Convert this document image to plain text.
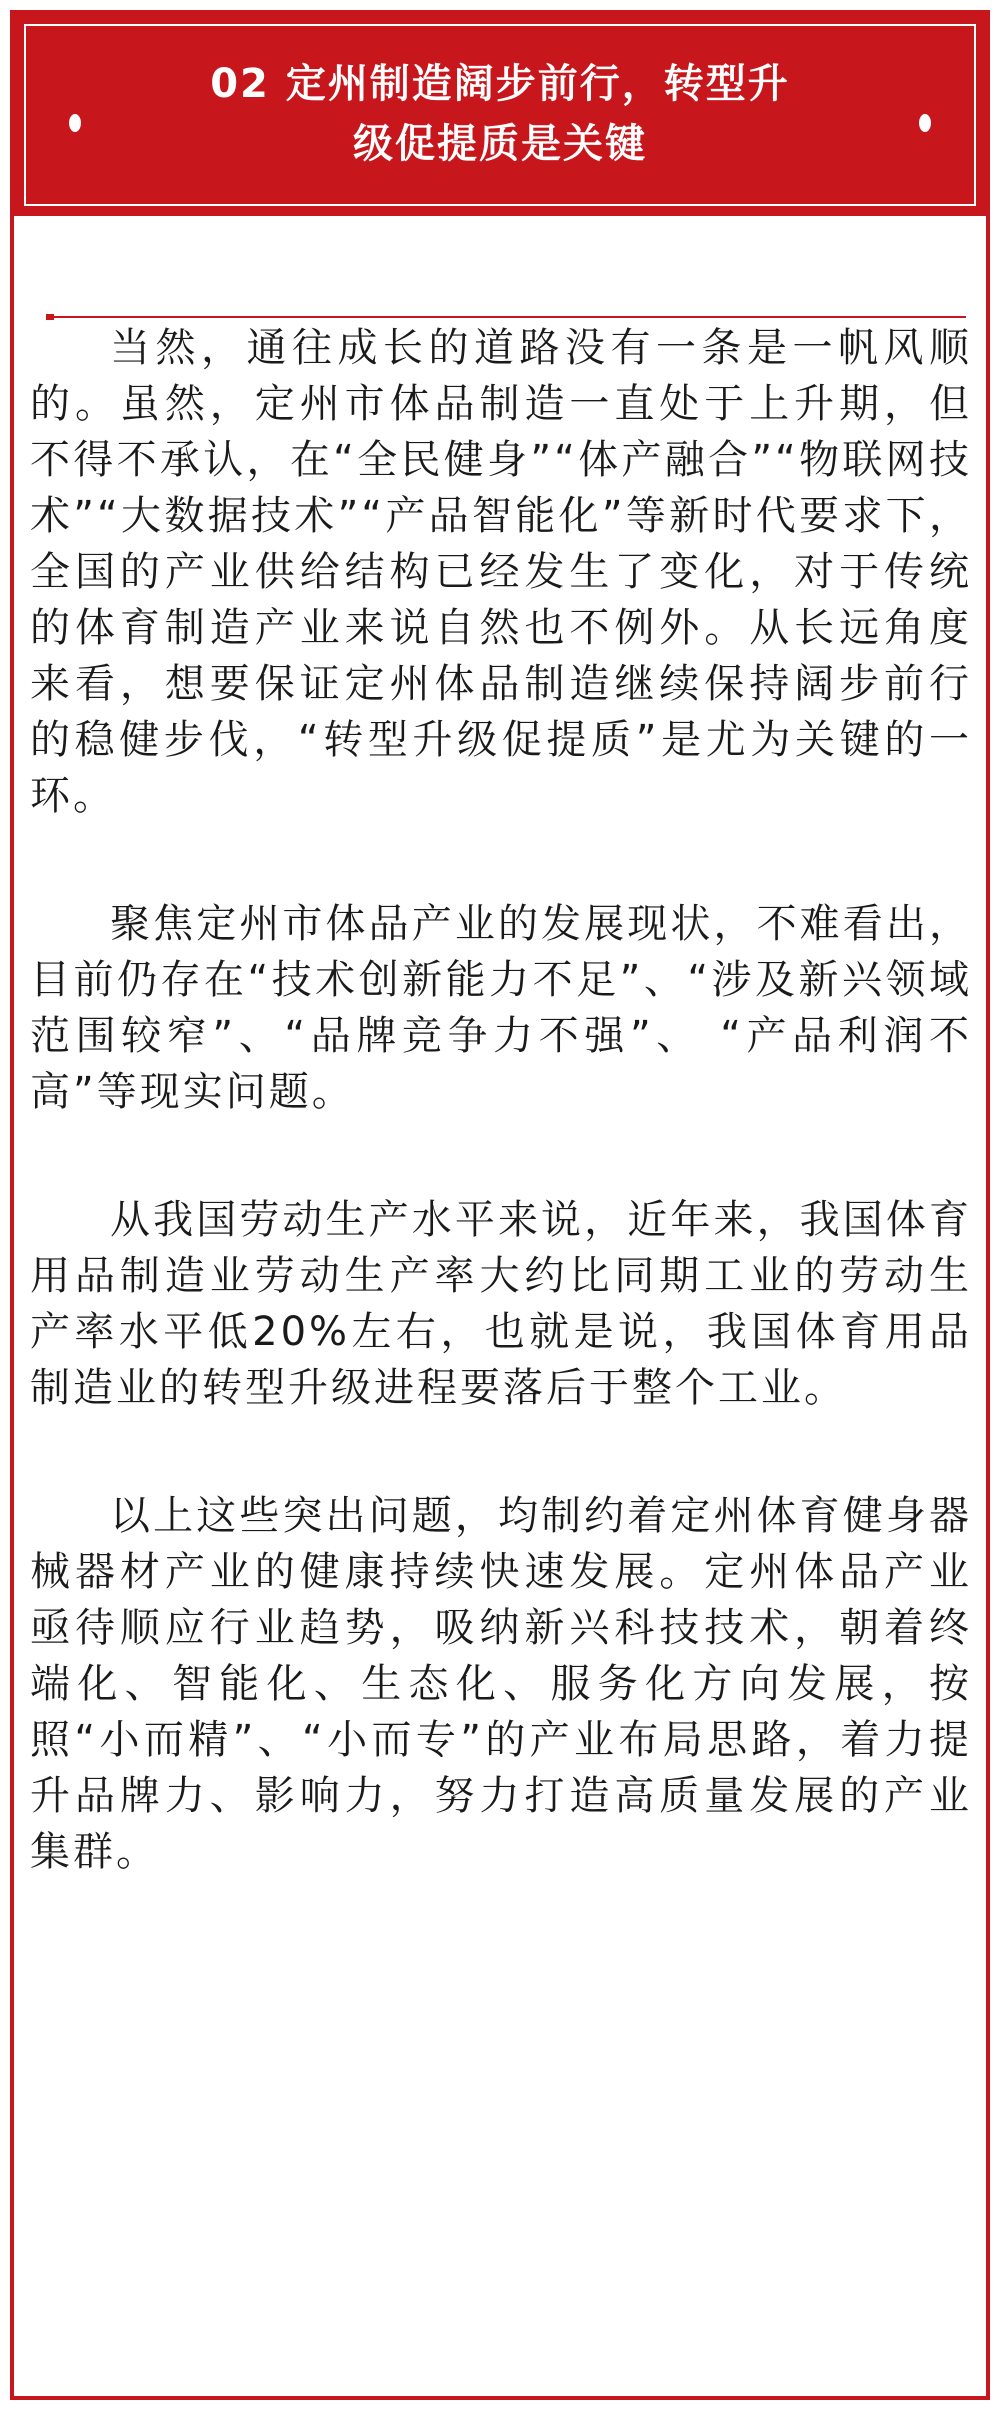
02 定州制造阔步前行，转型升
级促提质是关键

当然，通往成长的道路没有一条是一帆风顺的。虽然，定州市体品制造一直处于上升期，但不得不承认，在“全民健身”“体产融合”“物联网技术”“大数据技术”“产品智能化”等新时代要求下，全国的产业供给结构已经发生了变化，对于传统的体育制造产业来说自然也不例外。从长远角度来看，想要保证定州体品制造继续保持阔步前行的稳健步伐，“转型升级促提质”是尤为关键的一环。

聚焦定州市体品产业的发展现状，不难看出，目前仍存在“技术创新能力不足”、“涉及新兴领域范围较窄”、“品牌竞争力不强”、 “产品利润不高”等现实问题。

从我国劳动生产水平来说，近年来，我国体育用品制造业劳动生产率大约比同期工业的劳动生产率水平低20%左右，也就是说，我国体育用品制造业的转型升级进程要落后于整个工业。

以上这些突出问题，均制约着定州体育健身器械器材产业的健康持续快速发展。定州体品产业亟待顺应行业趋势，吸纳新兴科技技术，朝着终端化、智能化、生态化、服务化方向发展，按照“小而精”、“小而专”的产业布局思路，着力提升品牌力、影响力，努力打造高质量发展的产业集群。
